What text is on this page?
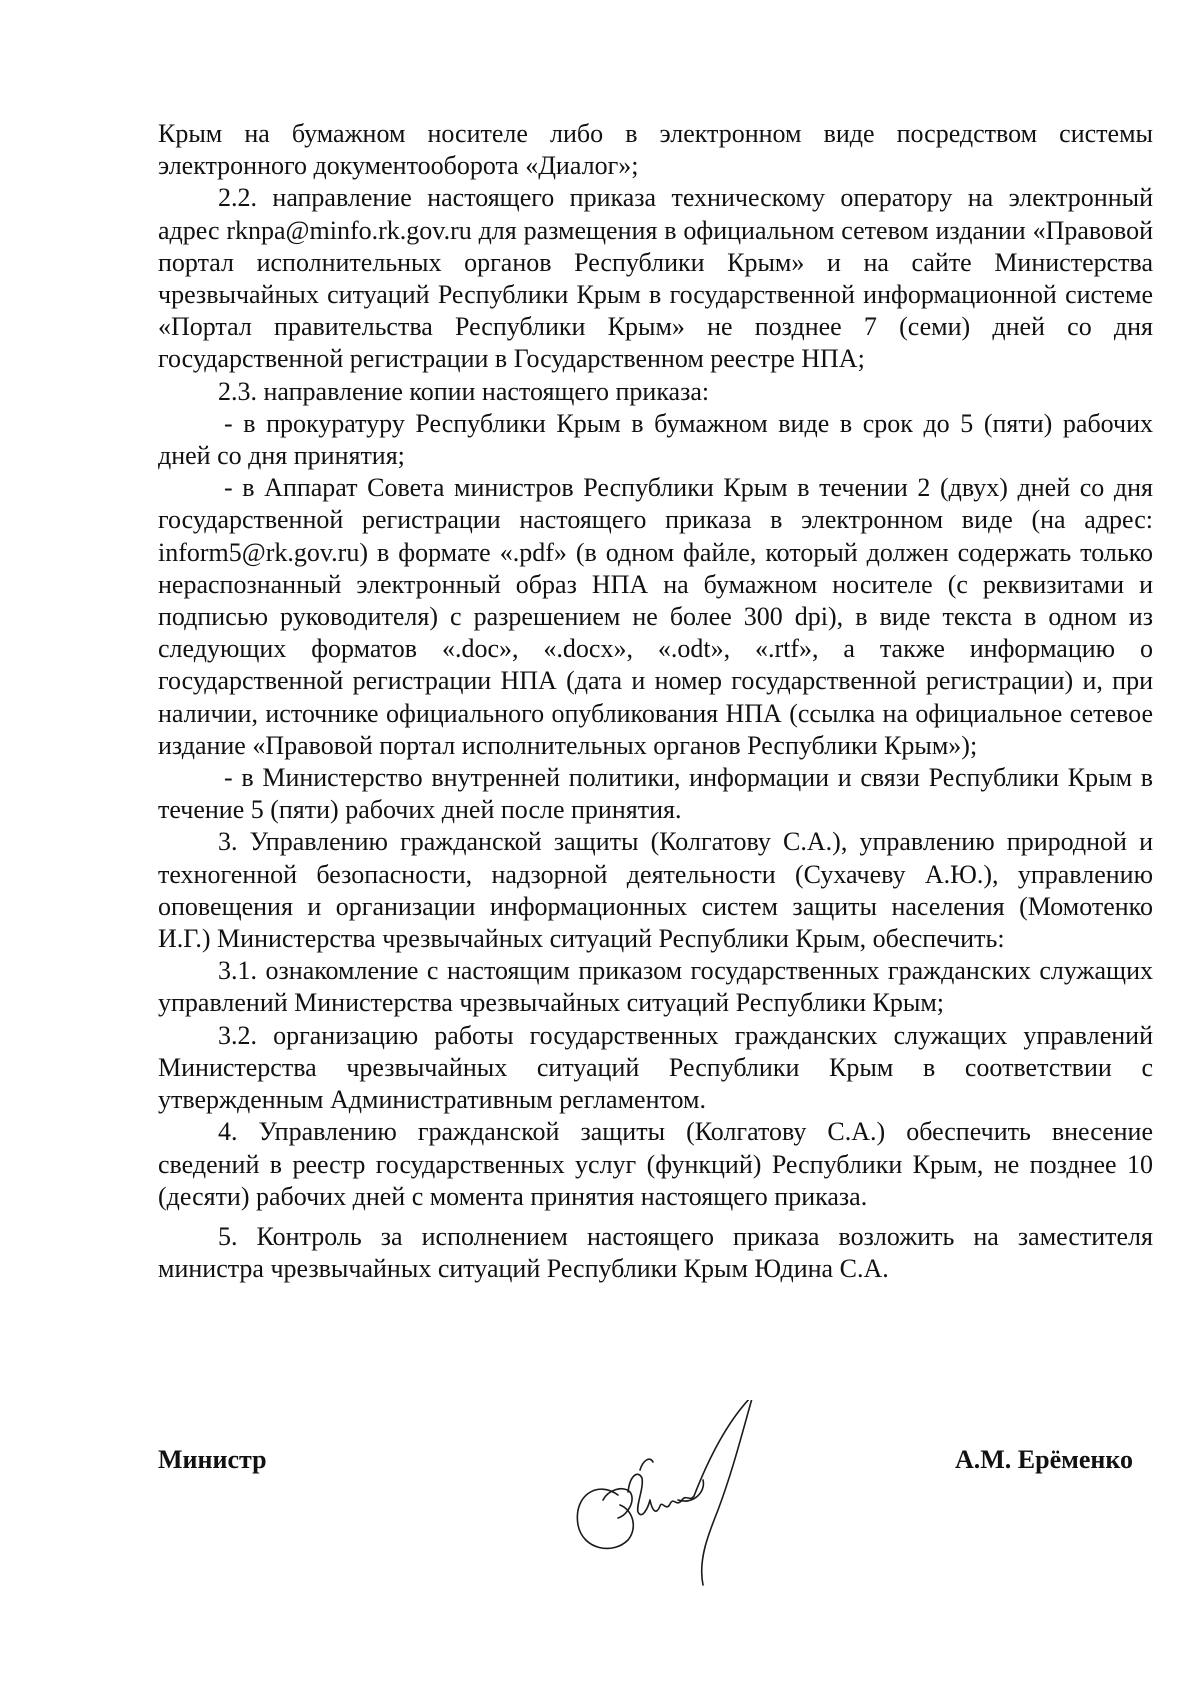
Крым на бумажном носителе либо в электронном виде посредством системы электронного документооборота «Диалог»;

2.2. направление настоящего приказа техническому оператору на электронный адрес rknpa@minfo.rk.gov.ru для размещения в официальном сетевом издании «Правовой портал исполнительных органов Республики Крым» и на сайте Министерства чрезвычайных ситуаций Республики Крым в государственной информационной системе «Портал правительства Республики Крым» не позднее 7 (семи) дней со дня государственной регистрации в Государственном реестре НПА;

2.3. направление копии настоящего приказа:

- в прокуратуру Республики Крым в бумажном виде в срок до 5 (пяти) рабочих дней со дня принятия;

- в Аппарат Совета министров Республики Крым в течении 2 (двух) дней со дня государственной регистрации настоящего приказа в электронном виде (на адрес: inform5@rk.gov.ru) в формате «.pdf» (в одном файле, который должен содержать только нераспознанный электронный образ НПА на бумажном носителе (с реквизитами и подписью руководителя) с разрешением не более 300 dpi), в виде текста в одном из следующих форматов «.doc», «.docx», «.odt», «.rtf», а также информацию о государственной регистрации НПА (дата и номер государственной регистрации) и, при наличии, источнике официального опубликования НПА (ссылка на официальное сетевое издание «Правовой портал исполнительных органов Республики Крым»);

- в Министерство внутренней политики, информации и связи Республики Крым в течение 5 (пяти) рабочих дней после принятия.

3. Управлению гражданской защиты (Колгатову С.А.), управлению природной и техногенной безопасности, надзорной деятельности (Сухачеву А.Ю.), управлению оповещения и организации информационных систем защиты населения (Момотенко И.Г.) Министерства чрезвычайных ситуаций Республики Крым, обеспечить:

3.1. ознакомление с настоящим приказом государственных гражданских служащих управлений Министерства чрезвычайных ситуаций Республики Крым;

3.2. организацию работы государственных гражданских служащих управлений Министерства чрезвычайных ситуаций Республики Крым в соответствии с утвержденным Административным регламентом.

4. Управлению гражданской защиты (Колгатову С.А.) обеспечить внесение сведений в реестр государственных услуг (функций) Республики Крым, не позднее 10 (десяти) рабочих дней с момента принятия настоящего приказа.

5. Контроль за исполнением настоящего приказа возложить на заместителя министра чрезвычайных ситуаций Республики Крым Юдина С.А.

Министр	А.М. Ерёменко
